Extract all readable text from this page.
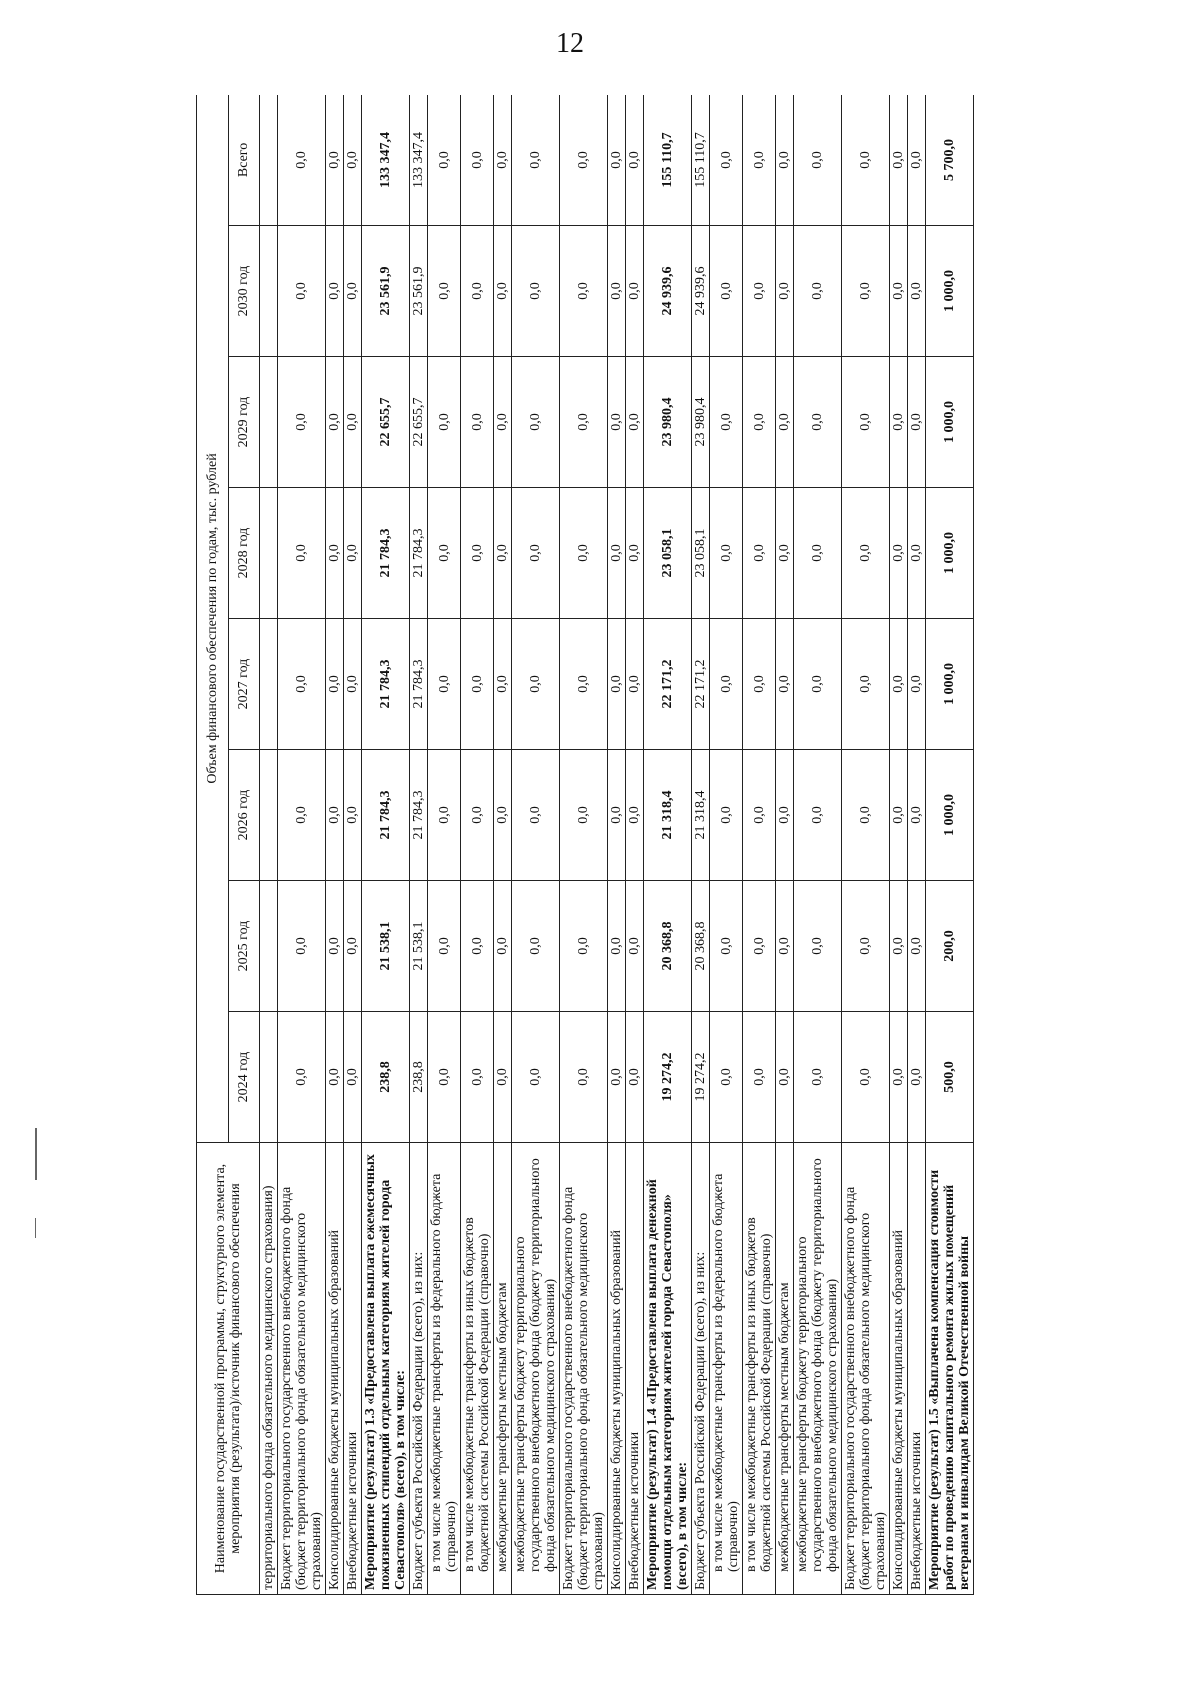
12
Наименование государственной программы, структурного элемента, мероприятия (результата)/источник финансового обеспечения	Объем финансового обеспечения по годам, тыс. рублей							
	2024 год	2025 год	2026 год	2027 год	2028 год	2029 год	2030 год	Всего
территориального фонда обязательного медицинского страхования)								
Бюджет территориального государственного внебюджетного фонда (бюджет территориального фонда обязательного медицинского страхования)	0,0	0,0	0,0	0,0	0,0	0,0	0,0	0,0
Консолидированные бюджеты муниципальных образований	0,0	0,0	0,0	0,0	0,0	0,0	0,0	0,0
Внебюджетные источники	0,0	0,0	0,0	0,0	0,0	0,0	0,0	0,0
Мероприятие (результат) 1.3 «Предоставлена выплата ежемесячных пожизненных стипендий отдельным категориям жителей города Севастополя» (всего), в том числе:	238,8	21 538,1	21 784,3	21 784,3	21 784,3	22 655,7	23 561,9	133 347,4
Бюджет субъекта Российской Федерации (всего), из них:	238,8	21 538,1	21 784,3	21 784,3	21 784,3	22 655,7	23 561,9	133 347,4
в том числе межбюджетные трансферты из федерального бюджета (справочно)	0,0	0,0	0,0	0,0	0,0	0,0	0,0	0,0
в том числе межбюджетные трансферты из иных бюджетов бюджетной системы Российской Федерации (справочно)	0,0	0,0	0,0	0,0	0,0	0,0	0,0	0,0
межбюджетные трансферты местным бюджетам	0,0	0,0	0,0	0,0	0,0	0,0	0,0	0,0
межбюджетные трансферты бюджету территориального государственного внебюджетного фонда (бюджету территориального фонда обязательного медицинского страхования)	0,0	0,0	0,0	0,0	0,0	0,0	0,0	0,0
Бюджет территориального государственного внебюджетного фонда (бюджет территориального фонда обязательного медицинского страхования)	0,0	0,0	0,0	0,0	0,0	0,0	0,0	0,0
Консолидированные бюджеты муниципальных образований	0,0	0,0	0,0	0,0	0,0	0,0	0,0	0,0
Внебюджетные источники	0,0	0,0	0,0	0,0	0,0	0,0	0,0	0,0
Мероприятие (результат) 1.4 «Предоставлена выплата денежной помощи отдельным категориям жителей города Севастополя» (всего), в том числе:	19 274,2	20 368,8	21 318,4	22 171,2	23 058,1	23 980,4	24 939,6	155 110,7
Бюджет субъекта Российской Федерации (всего), из них:	19 274,2	20 368,8	21 318,4	22 171,2	23 058,1	23 980,4	24 939,6	155 110,7
в том числе межбюджетные трансферты из федерального бюджета (справочно)	0,0	0,0	0,0	0,0	0,0	0,0	0,0	0,0
в том числе межбюджетные трансферты из иных бюджетов бюджетной системы Российской Федерации (справочно)	0,0	0,0	0,0	0,0	0,0	0,0	0,0	0,0
межбюджетные трансферты местным бюджетам	0,0	0,0	0,0	0,0	0,0	0,0	0,0	0,0
межбюджетные трансферты бюджету территориального государственного внебюджетного фонда (бюджету территориального фонда обязательного медицинского страхования)	0,0	0,0	0,0	0,0	0,0	0,0	0,0	0,0
Бюджет территориального государственного внебюджетного фонда (бюджет территориального фонда обязательного медицинского страхования)	0,0	0,0	0,0	0,0	0,0	0,0	0,0	0,0
Консолидированные бюджеты муниципальных образований	0,0	0,0	0,0	0,0	0,0	0,0	0,0	0,0
Внебюджетные источники	0,0	0,0	0,0	0,0	0,0	0,0	0,0	0,0
Мероприятие (результат) 1.5 «Выплачена компенсация стоимости работ по проведению капитального ремонта жилых помещений ветеранам и инвалидам Великой Отечественной войны	500,0	200,0	1 000,0	1 000,0	1 000,0	1 000,0	1 000,0	5 700,0
